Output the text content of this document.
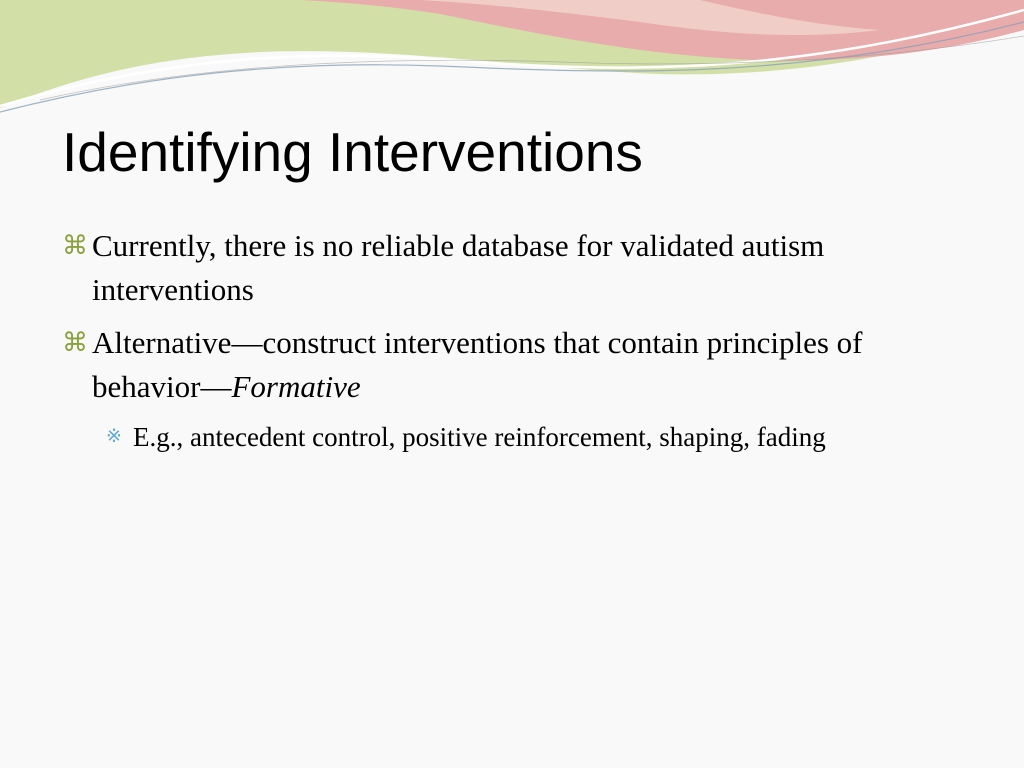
Identifying Interventions
⌘ Currently, there is no reliable database for validated autism interventions
⌘ Alternative—construct interventions that contain principles of behavior—Formative
※ E.g., antecedent control, positive reinforcement, shaping, fading
